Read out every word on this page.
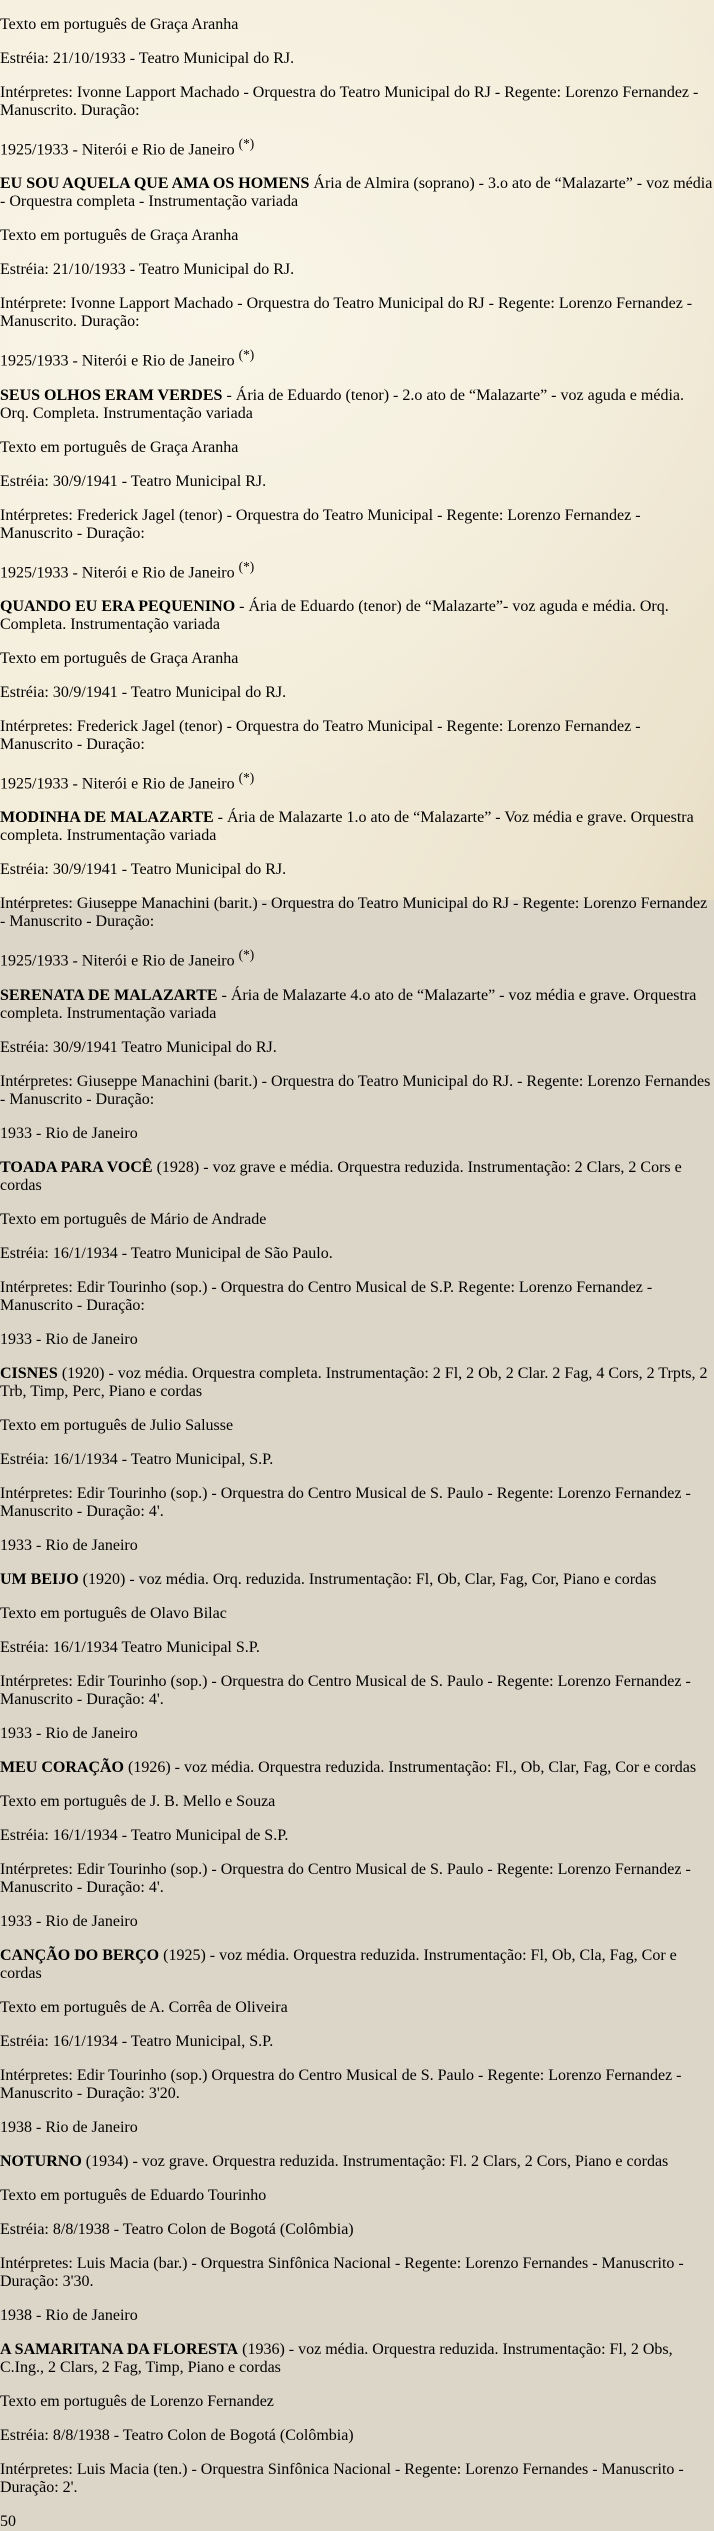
Texto em português de Graça Aranha

Estréia: 21/10/1933 - Teatro Municipal do RJ.

Intérpretes: Ivonne Lapport Machado - Orquestra do Teatro Municipal do RJ - Regente: Lorenzo Fernandez - Manuscrito. Duração:

1925/1933 - Niterói e Rio de Janeiro (*)

EU SOU AQUELA QUE AMA OS HOMENS Ária de Almira (soprano) - 3.o ato de “Malazarte” - voz média - Orquestra completa - Instrumentação variada

Texto em português de Graça Aranha

Estréia: 21/10/1933 - Teatro Municipal do RJ.

Intérprete: Ivonne Lapport Machado - Orquestra do Teatro Municipal do RJ - Regente: Lorenzo Fernandez - Manuscrito. Duração:

1925/1933 - Niterói e Rio de Janeiro (*)

SEUS OLHOS ERAM VERDES - Ária de Eduardo (tenor) - 2.o ato de “Malazarte” - voz aguda e média. Orq. Completa. Instrumentação variada

Texto em português de Graça Aranha

Estréia: 30/9/1941 - Teatro Municipal RJ.

Intérpretes: Frederick Jagel (tenor) - Orquestra do Teatro Municipal - Regente: Lorenzo Fernandez - Manuscrito - Duração:

1925/1933 - Niterói e Rio de Janeiro (*)

QUANDO EU ERA PEQUENINO - Ária de Eduardo (tenor) de “Malazarte”- voz aguda e média. Orq. Completa. Instrumentação variada

Texto em português de Graça Aranha

Estréia: 30/9/1941 - Teatro Municipal do RJ.

Intérpretes: Frederick Jagel (tenor) - Orquestra do Teatro Municipal - Regente: Lorenzo Fernandez - Manuscrito - Duração:

1925/1933 - Niterói e Rio de Janeiro (*)

MODINHA DE MALAZARTE - Ária de Malazarte 1.o ato de “Malazarte” - Voz média e grave. Orquestra completa. Instrumentação variada

Estréia: 30/9/1941 - Teatro Municipal do RJ.

Intérpretes: Giuseppe Manachini (barit.) - Orquestra do Teatro Municipal do RJ - Regente: Lorenzo Fernandez - Manuscrito - Duração:

1925/1933 - Niterói e Rio de Janeiro (*)

SERENATA DE MALAZARTE - Ária de Malazarte 4.o ato de “Malazarte” - voz média e grave. Orquestra completa. Instrumentação variada

Estréia: 30/9/1941 Teatro Municipal do RJ.

Intérpretes: Giuseppe Manachini (barit.) - Orquestra do Teatro Municipal do RJ. - Regente: Lorenzo Fernandes - Manuscrito - Duração:

1933 - Rio de Janeiro

TOADA PARA VOCÊ (1928) - voz grave e média. Orquestra reduzida. Instrumentação: 2 Clars, 2 Cors e cordas

Texto em português de Mário de Andrade

Estréia: 16/1/1934 - Teatro Municipal de São Paulo.

Intérpretes: Edir Tourinho (sop.) - Orquestra do Centro Musical de S.P. Regente: Lorenzo Fernandez - Manuscrito - Duração:

1933 - Rio de Janeiro

CISNES (1920) - voz média. Orquestra completa. Instrumentação: 2 Fl, 2 Ob, 2 Clar. 2 Fag, 4 Cors, 2 Trpts, 2 Trb, Timp, Perc, Piano e cordas

Texto em português de Julio Salusse

Estréia: 16/1/1934 - Teatro Municipal, S.P.

Intérpretes: Edir Tourinho (sop.) - Orquestra do Centro Musical de S. Paulo - Regente: Lorenzo Fernandez - Manuscrito - Duração: 4'.

1933 - Rio de Janeiro

UM BEIJO (1920) - voz média. Orq. reduzida. Instrumentação: Fl, Ob, Clar, Fag, Cor, Piano e cordas

Texto em português de Olavo Bilac

Estréia: 16/1/1934 Teatro Municipal S.P.

Intérpretes: Edir Tourinho (sop.) - Orquestra do Centro Musical de S. Paulo - Regente: Lorenzo Fernandez - Manuscrito - Duração: 4'.

1933 - Rio de Janeiro

MEU CORAÇÃO (1926) - voz média. Orquestra reduzida. Instrumentação: Fl., Ob, Clar, Fag, Cor e cordas

Texto em português de J. B. Mello e Souza

Estréia: 16/1/1934 - Teatro Municipal de S.P.

Intérpretes: Edir Tourinho (sop.) - Orquestra do Centro Musical de S. Paulo - Regente: Lorenzo Fernandez - Manuscrito - Duração: 4'.

1933 - Rio de Janeiro

CANÇÃO DO BERÇO (1925) - voz média. Orquestra reduzida. Instrumentação: Fl, Ob, Cla, Fag, Cor e cordas

Texto em português de A. Corrêa de Oliveira

Estréia: 16/1/1934 - Teatro Municipal, S.P.

Intérpretes: Edir Tourinho (sop.) Orquestra do Centro Musical de S. Paulo - Regente: Lorenzo Fernandez - Manuscrito - Duração: 3'20.

1938 - Rio de Janeiro

NOTURNO (1934) - voz grave. Orquestra reduzida. Instrumentação: Fl. 2 Clars, 2 Cors, Piano e cordas

Texto em português de Eduardo Tourinho

Estréia: 8/8/1938 - Teatro Colon de Bogotá (Colômbia)

Intérpretes: Luis Macia (bar.) - Orquestra Sinfônica Nacional - Regente: Lorenzo Fernandes - Manuscrito - Duração: 3'30.

1938 - Rio de Janeiro

A SAMARITANA DA FLORESTA (1936) - voz média. Orquestra reduzida. Instrumentação: Fl, 2 Obs, C.Ing., 2 Clars, 2 Fag, Timp, Piano e cordas

Texto em português de Lorenzo Fernandez

Estréia: 8/8/1938 - Teatro Colon de Bogotá (Colômbia)

Intérpretes: Luis Macia (ten.) - Orquestra Sinfônica Nacional - Regente: Lorenzo Fernandes - Manuscrito - Duração: 2'.

50
